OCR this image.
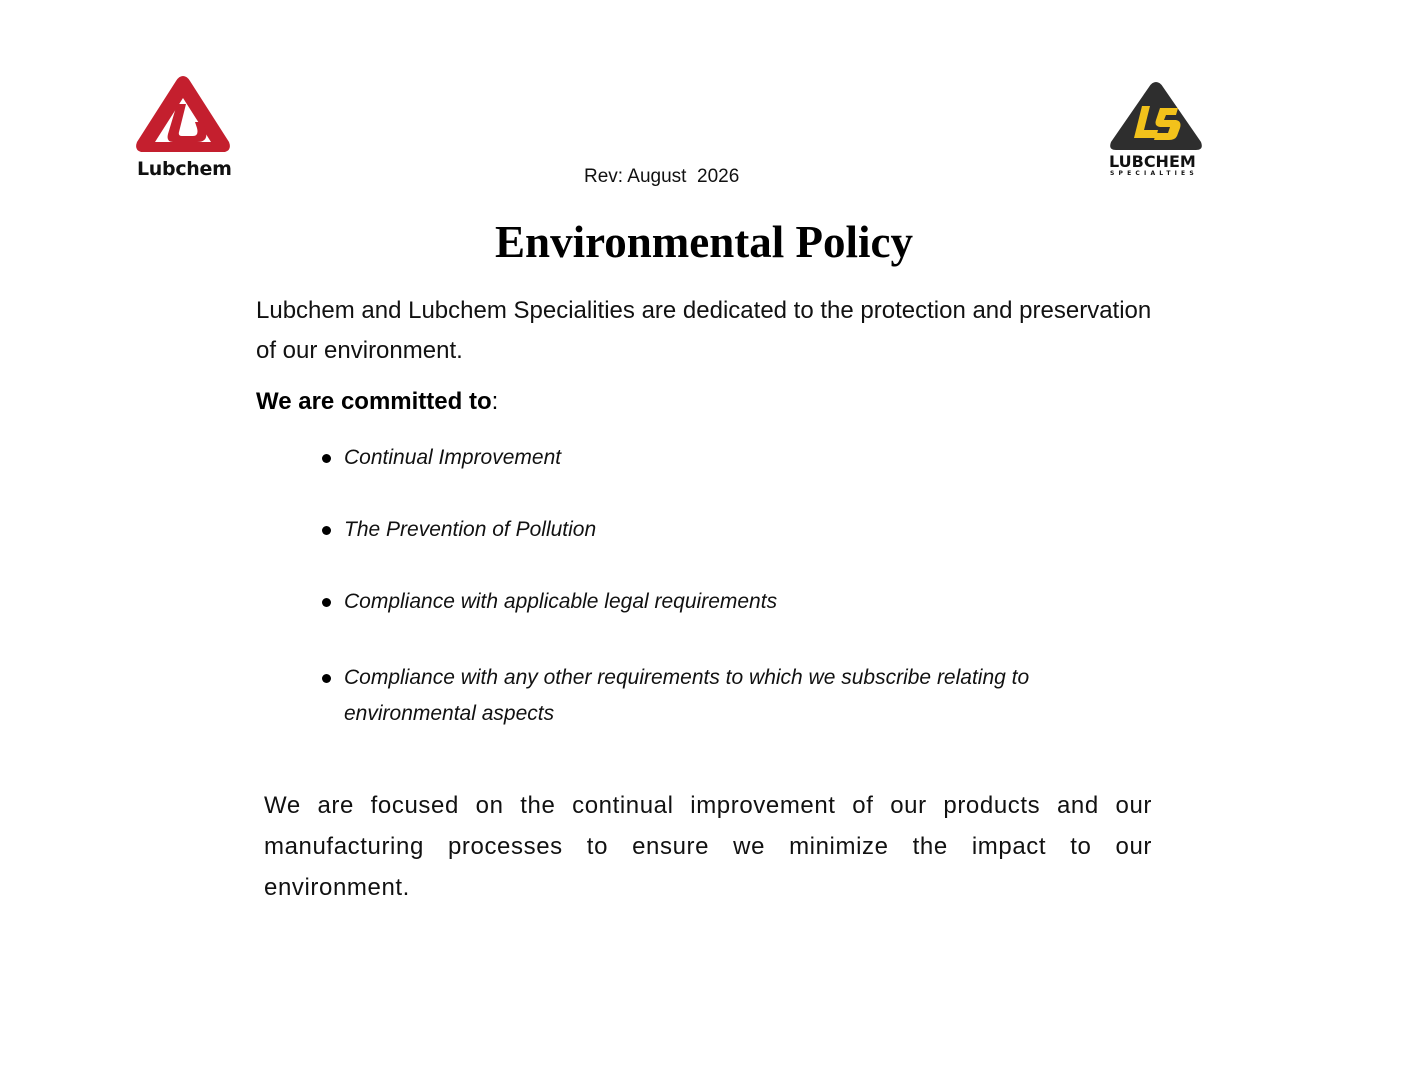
Lubchem	LUBCHEM
SPECIALTIES
Rev: August  2026
Environmental Policy
Lubchem and Lubchem Specialities are dedicated to the protection and preservation of our environment.
We are committed to:
Continual Improvement
The Prevention of Pollution
Compliance with applicable legal requirements
Compliance with any other requirements to which we subscribe relating to environmental aspects
We are focused on the continual improvement of our products and our manufacturing processes to ensure we minimize the impact to our environment.
